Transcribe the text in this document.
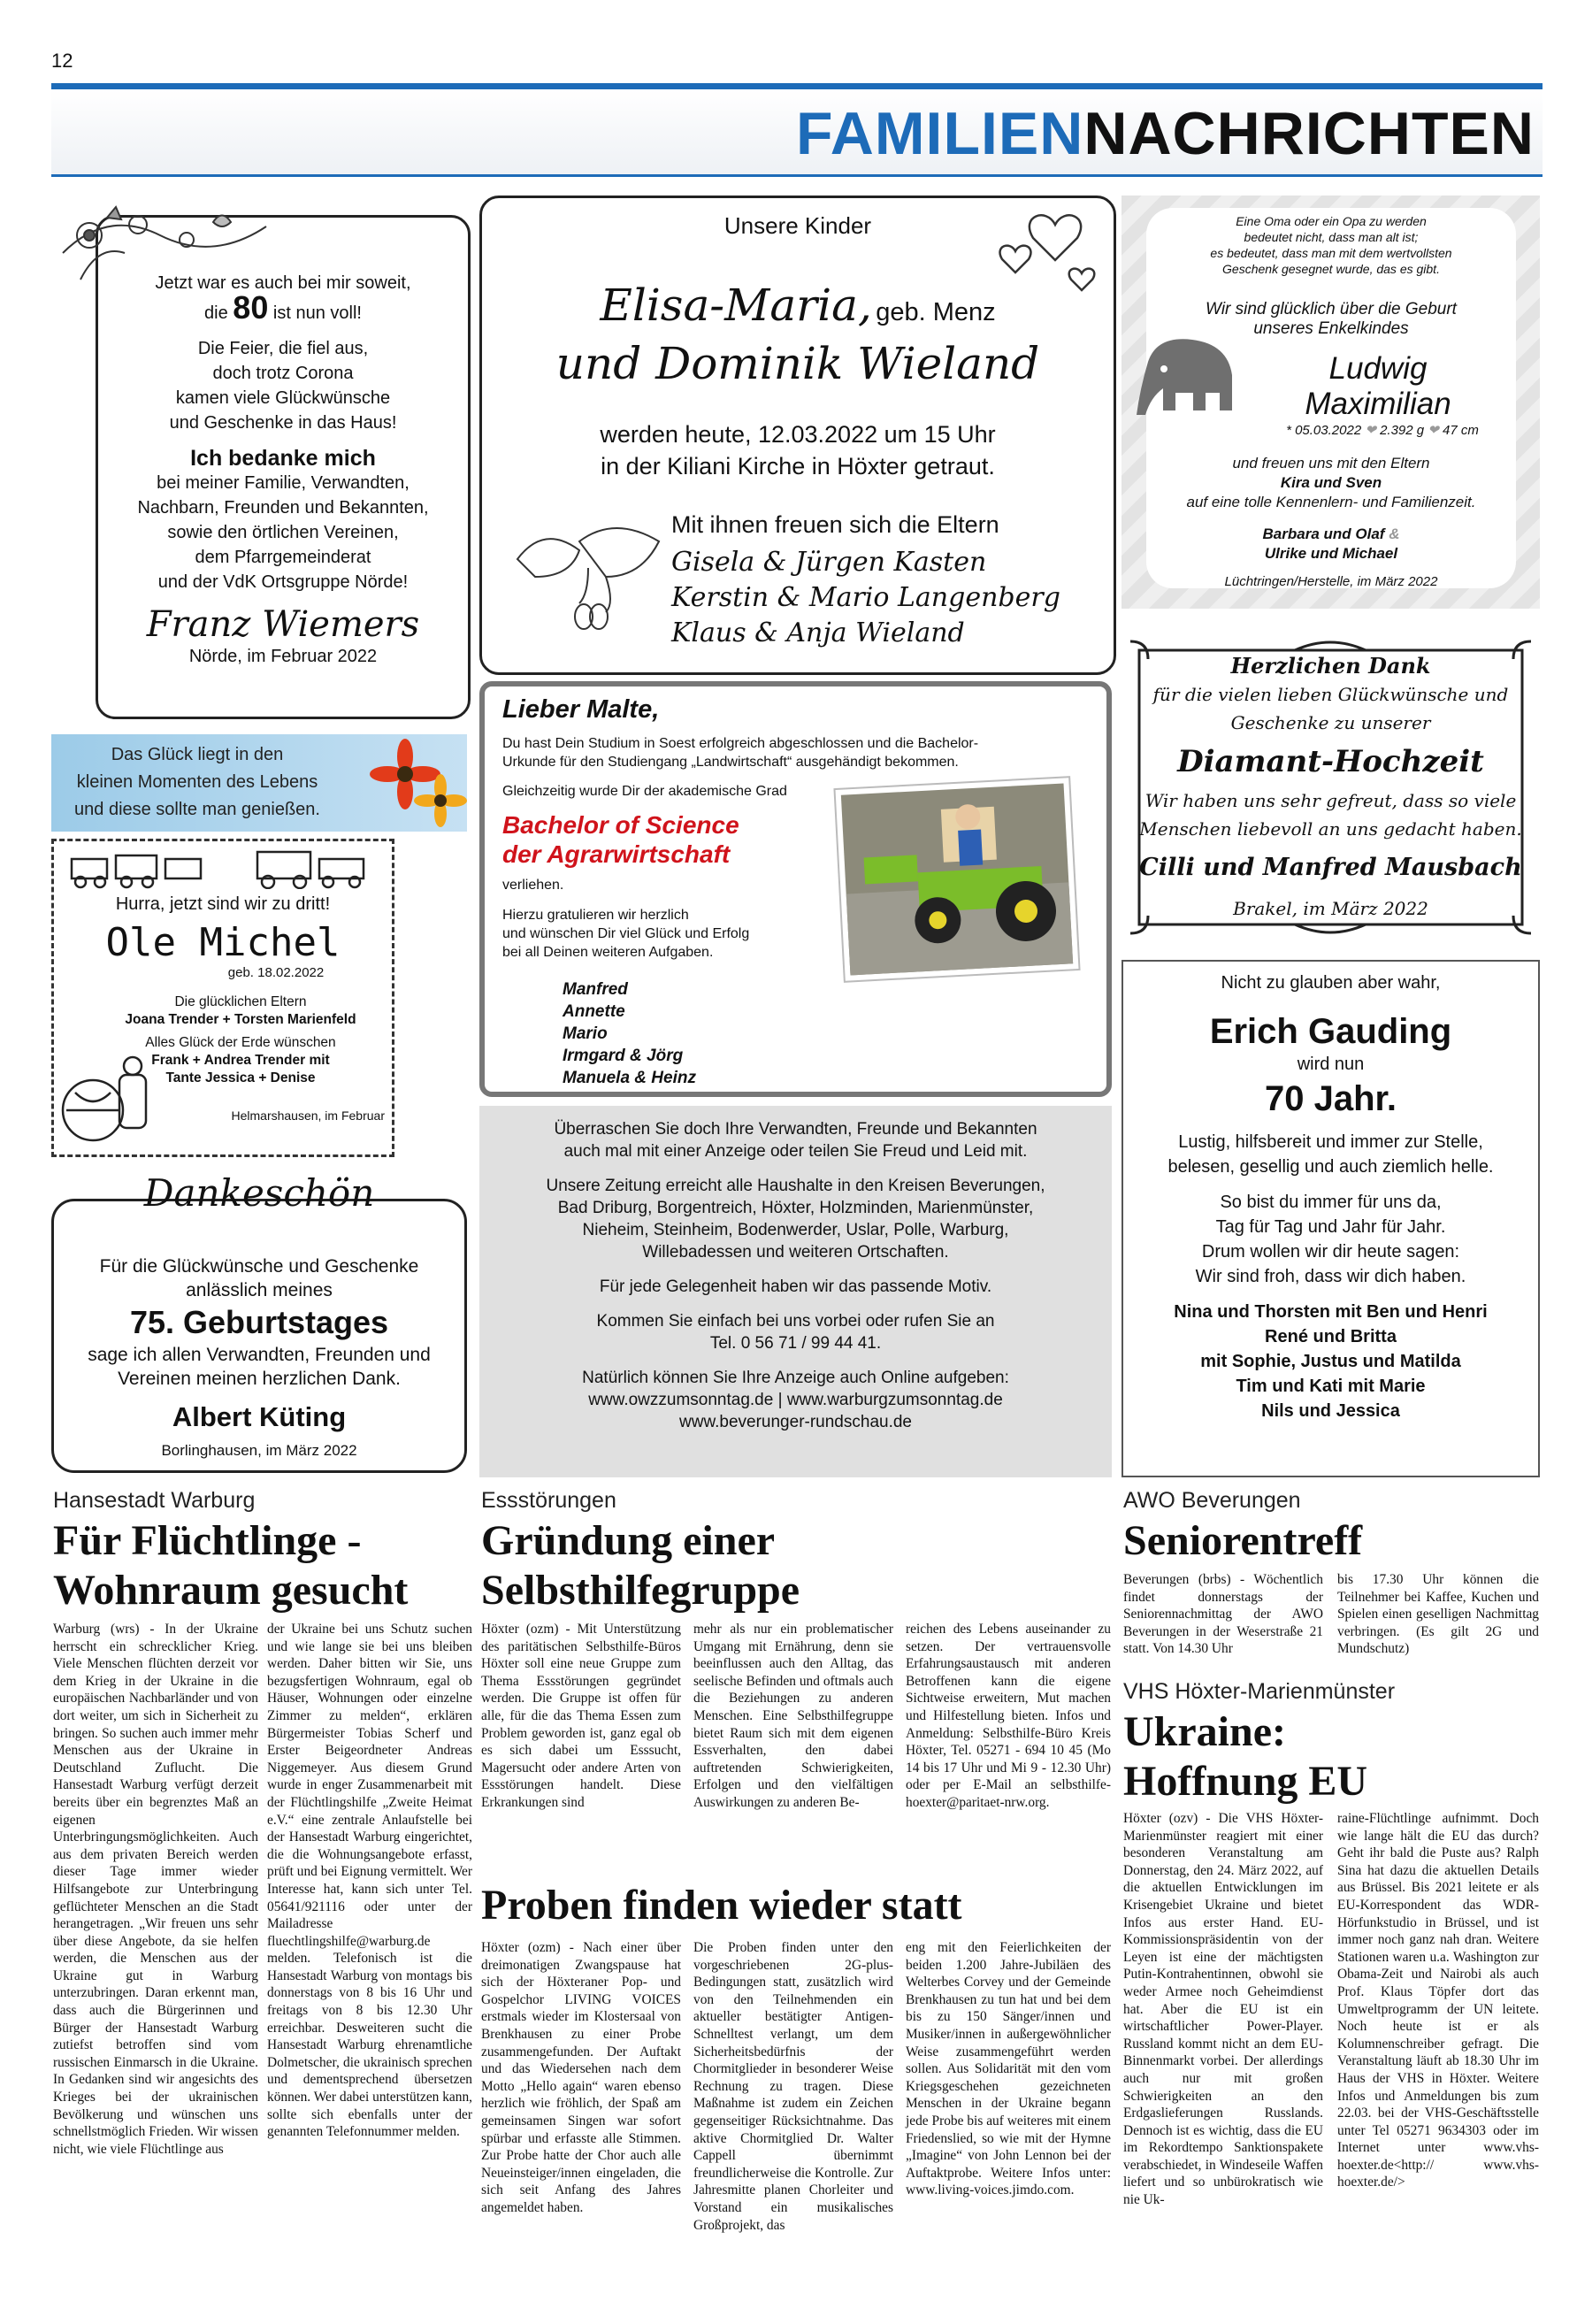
12
FAMILIENNACHRICHTEN
Jetzt war es auch bei mir soweit,
die 80 ist nun voll!
Die Feier, die fiel aus,
doch trotz Corona
kamen viele Glückwünsche
und Geschenke in das Haus!
Ich bedanke mich
bei meiner Familie, Verwandten,
Nachbarn, Freunden und Bekannten,
sowie den örtlichen Vereinen,
dem Pfarrgemeinderat
und der VdK Ortsgruppe Nörde!
Franz Wiemers
Nörde, im Februar 2022
Unsere Kinder
Elisa-Maria, geb. Menz
und Dominik Wieland
werden heute, 12.03.2022 um 15 Uhr
in der Kiliani Kirche in Höxter getraut.
Mit ihnen freuen sich die Eltern
Gisela & Jürgen Kasten
Kerstin & Mario Langenberg
Klaus & Anja Wieland
Eine Oma oder ein Opa zu werden
bedeutet nicht, dass man alt ist;
es bedeutet, dass man mit dem wertvollsten
Geschenk gesegnet wurde, das es gibt.
Wir sind glücklich über die Geburt
unseres Enkelkindes
Ludwig
Maximilian
* 05.03.2022 ❤ 2.392 g ❤ 47 cm
und freuen uns mit den Eltern
Kira und Sven
auf eine tolle Kennenlern- und Familienzeit.
Barbara und Olaf &
Ulrike und Michael
Lüchtringen/Herstelle, im März 2022
Das Glück liegt in den
kleinen Momenten des Lebens
und diese sollte man genießen.
Lieber Malte,
Du hast Dein Studium in Soest erfolgreich abgeschlossen und die Bachelor-
Urkunde für den Studiengang „Landwirtschaft“ ausgehändigt bekommen.
Gleichzeitig wurde Dir der akademische Grad
Bachelor of Science
der Agrarwirtschaft
verliehen.
Hierzu gratulieren wir herzlich
und wünschen Dir viel Glück und Erfolg
bei all Deinen weiteren Aufgaben.
Manfred
Annette
Mario
Irmgard & Jörg
Manuela & Heinz
Herzlichen Dank
für die vielen lieben Glückwünsche und
Geschenke zu unserer
Diamant-Hochzeit
Wir haben uns sehr gefreut, dass so viele
Menschen liebevoll an uns gedacht haben.
Cilli und Manfred Mausbach
Brakel, im März 2022
Hurra, jetzt sind wir zu dritt!
Ole Michel
geb. 18.02.2022
Die glücklichen Eltern
Joana Trender + Torsten Marienfeld
Alles Glück der Erde wünschen
Frank + Andrea Trender mit
Tante Jessica + Denise
Helmarshausen, im Februar
Überraschen Sie doch Ihre Verwandten, Freunde und Bekannten
auch mal mit einer Anzeige oder teilen Sie Freud und Leid mit.
Unsere Zeitung erreicht alle Haushalte in den Kreisen Beverungen,
Bad Driburg, Borgentreich, Höxter, Holzminden, Marienmünster,
Nieheim, Steinheim, Bodenwerder, Uslar, Polle, Warburg,
Willebadessen und weiteren Ortschaften.
Für jede Gelegenheit haben wir das passende Motiv.
Kommen Sie einfach bei uns vorbei oder rufen Sie an
Tel. 0 56 71 / 99 44 41.
Natürlich können Sie Ihre Anzeige auch Online aufgeben:
www.owzzumsonntag.de | www.warburgzumsonntag.de
www.beverunger-rundschau.de
Nicht zu glauben aber wahr,
Erich Gauding
wird nun
70 Jahr.
Lustig, hilfsbereit und immer zur Stelle,
belesen, gesellig und auch ziemlich helle.
So bist du immer für uns da,
Tag für Tag und Jahr für Jahr.
Drum wollen wir dir heute sagen:
Wir sind froh, dass wir dich haben.
Nina und Thorsten mit Ben und Henri
René und Britta
mit Sophie, Justus und Matilda
Tim und Kati mit Marie
Nils und Jessica
Dankeschön
Für die Glückwünsche und Geschenke
anlässlich meines
75. Geburtstages
sage ich allen Verwandten, Freunden und
Vereinen meinen herzlichen Dank.
Albert Küting
Borlinghausen, im März 2022
Hansestadt Warburg
Für Flüchtlinge -
Wohnraum gesucht
Warburg (wrs) - In der Ukraine herrscht ein schrecklicher Krieg. Viele Menschen flüchten derzeit vor dem Krieg in der Ukraine in die europäischen Nachbarländer und von dort weiter, um sich in Sicherheit zu bringen. So suchen auch immer mehr Menschen aus der Ukraine in Deutschland Zuflucht. Die Hansestadt Warburg verfügt derzeit bereits über ein begrenztes Maß an eigenen Unterbringungsmöglichkeiten. Auch aus dem privaten Bereich werden dieser Tage immer wieder Hilfsangebote zur Unterbringung geflüchteter Menschen an die Stadt herangetragen. „Wir freuen uns sehr über diese Angebote, da sie helfen werden, die Menschen aus der Ukraine gut in Warburg unterzubringen. Daran erkennt man, dass auch die Bürgerinnen und Bürger der Hansestadt Warburg zutiefst betroffen sind vom russischen Einmarsch in die Ukraine. In Gedanken sind wir angesichts des Krieges bei der ukrainischen Bevölkerung und wünschen uns schnellstmöglich Frieden. Wir wissen nicht, wie viele Flüchtlinge aus
der Ukraine bei uns Schutz suchen und wie lange sie bei uns bleiben werden. Daher bitten wir Sie, uns bezugsfertigen Wohnraum, egal ob Häuser, Wohnungen oder einzelne Zimmer zu melden“, erklären Bürgermeister Tobias Scherf und Erster Beigeordneter Andreas Niggemeyer. Aus diesem Grund wurde in enger Zusammenarbeit mit der Flüchtlingshilfe „Zweite Heimat e.V.“ eine zentrale Anlaufstelle bei der Hansestadt Warburg eingerichtet, die die Wohnungsangebote erfasst, prüft und bei Eignung vermittelt. Wer Interesse hat, kann sich unter Tel. 05641/921116 oder unter der Mailadresse fluechtlingshilfe@warburg.de melden. Telefonisch ist die Hansestadt Warburg von montags bis donnerstags von 8 bis 16 Uhr und freitags von 8 bis 12.30 Uhr erreichbar. Desweiteren sucht die Hansestadt Warburg ehrenamtliche Dolmetscher, die ukrainisch sprechen und dementsprechend übersetzen können. Wer dabei unterstützen kann, sollte sich ebenfalls unter der genannten Telefonnummer melden.
Essstörungen
Gründung einer
Selbsthilfegruppe
Höxter (ozm) - Mit Unterstützung des paritätischen Selbsthilfe-Büros Höxter soll eine neue Gruppe zum Thema Essstörungen gegründet werden. Die Gruppe ist offen für alle, für die das Thema Essen zum Problem geworden ist, ganz egal ob es sich dabei um Esssucht, Magersucht oder andere Arten von Essstörungen handelt. Diese Erkrankungen sind
mehr als nur ein problematischer Umgang mit Ernährung, denn sie beeinflussen auch den Alltag, das seelische Befinden und oftmals auch die Beziehungen zu anderen Menschen. Eine Selbsthilfegruppe bietet Raum sich mit dem eigenen Essverhalten, den dabei auftretenden Schwierigkeiten, Erfolgen und den vielfältigen Auswirkungen zu anderen Be-
reichen des Lebens auseinander zu setzen. Der vertrauensvolle Erfahrungsaustausch mit anderen Betroffenen kann die eigene Sichtweise erweitern, Mut machen und Hilfestellung bieten. Infos und Anmeldung: Selbsthilfe-Büro Kreis Höxter, Tel. 05271 - 694 10 45 (Mo 14 bis 17 Uhr und Mi 9 - 12.30 Uhr) oder per E-Mail an selbsthilfe-hoexter@paritaet-nrw.org.
Proben finden wieder statt
Höxter (ozm) - Nach einer über dreimonatigen Zwangspause hat sich der Höxteraner Pop- und Gospelchor LIVING VOICES erstmals wieder im Klostersaal von Brenkhausen zu einer Probe zusammengefunden. Der Auftakt und das Wiedersehen nach dem Motto „Hello again“ waren ebenso herzlich wie fröhlich, der Spaß am gemeinsamen Singen war sofort spürbar und erfasste alle Stimmen. Zur Probe hatte der Chor auch alle Neueinsteiger/innen eingeladen, die sich seit Anfang des Jahres angemeldet haben.
Die Proben finden unter den vorgeschriebenen 2G-plus-Bedingungen statt, zusätzlich wird von den Teilnehmenden ein aktueller bestätigter Antigen-Schnelltest verlangt, um dem Sicherheitsbedürfnis der Chormitglieder in besonderer Weise Rechnung zu tragen. Diese Maßnahme ist zudem ein Zeichen gegenseitiger Rücksichtnahme. Das aktive Chormitglied Dr. Walter Cappell übernimmt freundlicherweise die Kontrolle. Zur Jahresmitte planen Chorleiter und Vorstand ein musikalisches Großprojekt, das
eng mit den Feierlichkeiten der beiden 1.200 Jahre-Jubiläen des Welterbes Corvey und der Gemeinde Brenkhausen zu tun hat und bei dem bis zu 150 Sänger/innen und Musiker/innen in außergewöhnlicher Weise zusammengeführt werden sollen. Aus Solidarität mit den vom Kriegsgeschehen gezeichneten Menschen in der Ukraine begann jede Probe bis auf weiteres mit einem Friedenslied, so wie mit der Hymne „Imagine“ von John Lennon bei der Auftaktprobe. Weitere Infos unter: www.living-voices.jimdo.com.
AWO Beverungen
Seniorentreff
Beverungen (brbs) - Wöchentlich findet donnerstags der Seniorennachmittag der AWO Beverungen in der Weserstraße 21 statt. Von 14.30 Uhr
bis 17.30 Uhr können die Teilnehmer bei Kaffee, Kuchen und Spielen einen geselligen Nachmittag verbringen. (Es gilt 2G und Mundschutz)
VHS Höxter-Marienmünster
Ukraine:
Hoffnung EU
Höxter (ozv) - Die VHS Höxter-Marienmünster reagiert mit einer besonderen Veranstaltung am Donnerstag, den 24. März 2022, auf die aktuellen Entwicklungen im Krisengebiet Ukraine und bietet Infos aus erster Hand. EU- Kommissionspräsidentin von der Leyen ist eine der mächtigsten Putin-Kontrahentinnen, obwohl sie weder Armee noch Geheimdienst hat. Aber die EU ist ein wirtschaftlicher Power-Player. Russland kommt nicht an dem EU-Binnenmarkt vorbei. Der allerdings auch nur mit großen Schwierigkeiten an den Erdgaslieferungen Russlands. Dennoch ist es wichtig, dass die EU im Rekordtempo Sanktionspakete verabschiedet, in Windeseile Waffen liefert und so unbürokratisch wie nie Uk-
raine-Flüchtlinge aufnimmt. Doch wie lange hält die EU das durch? Geht ihr bald die Puste aus? Ralph Sina hat dazu die aktuellen Details aus Brüssel. Bis 2021 leitete er als EU-Korrespondent das WDR-Hörfunkstudio in Brüssel, und ist immer noch ganz nah dran. Weitere Stationen waren u.a. Washington zur Obama-Zeit und Nairobi als auch Prof. Klaus Töpfer dort das Umweltprogramm der UN leitete. Noch heute ist er als Kolumnenschreiber gefragt. Die Veranstaltung läuft ab 18.30 Uhr im Haus der VHS in Höxter. Weitere Infos und Anmeldungen bis zum 22.03. bei der VHS-Geschäftsstelle unter Tel 05271 9634303 oder im Internet unter www.vhs-hoexter.de<http:// www.vhs-hoexter.de/>
